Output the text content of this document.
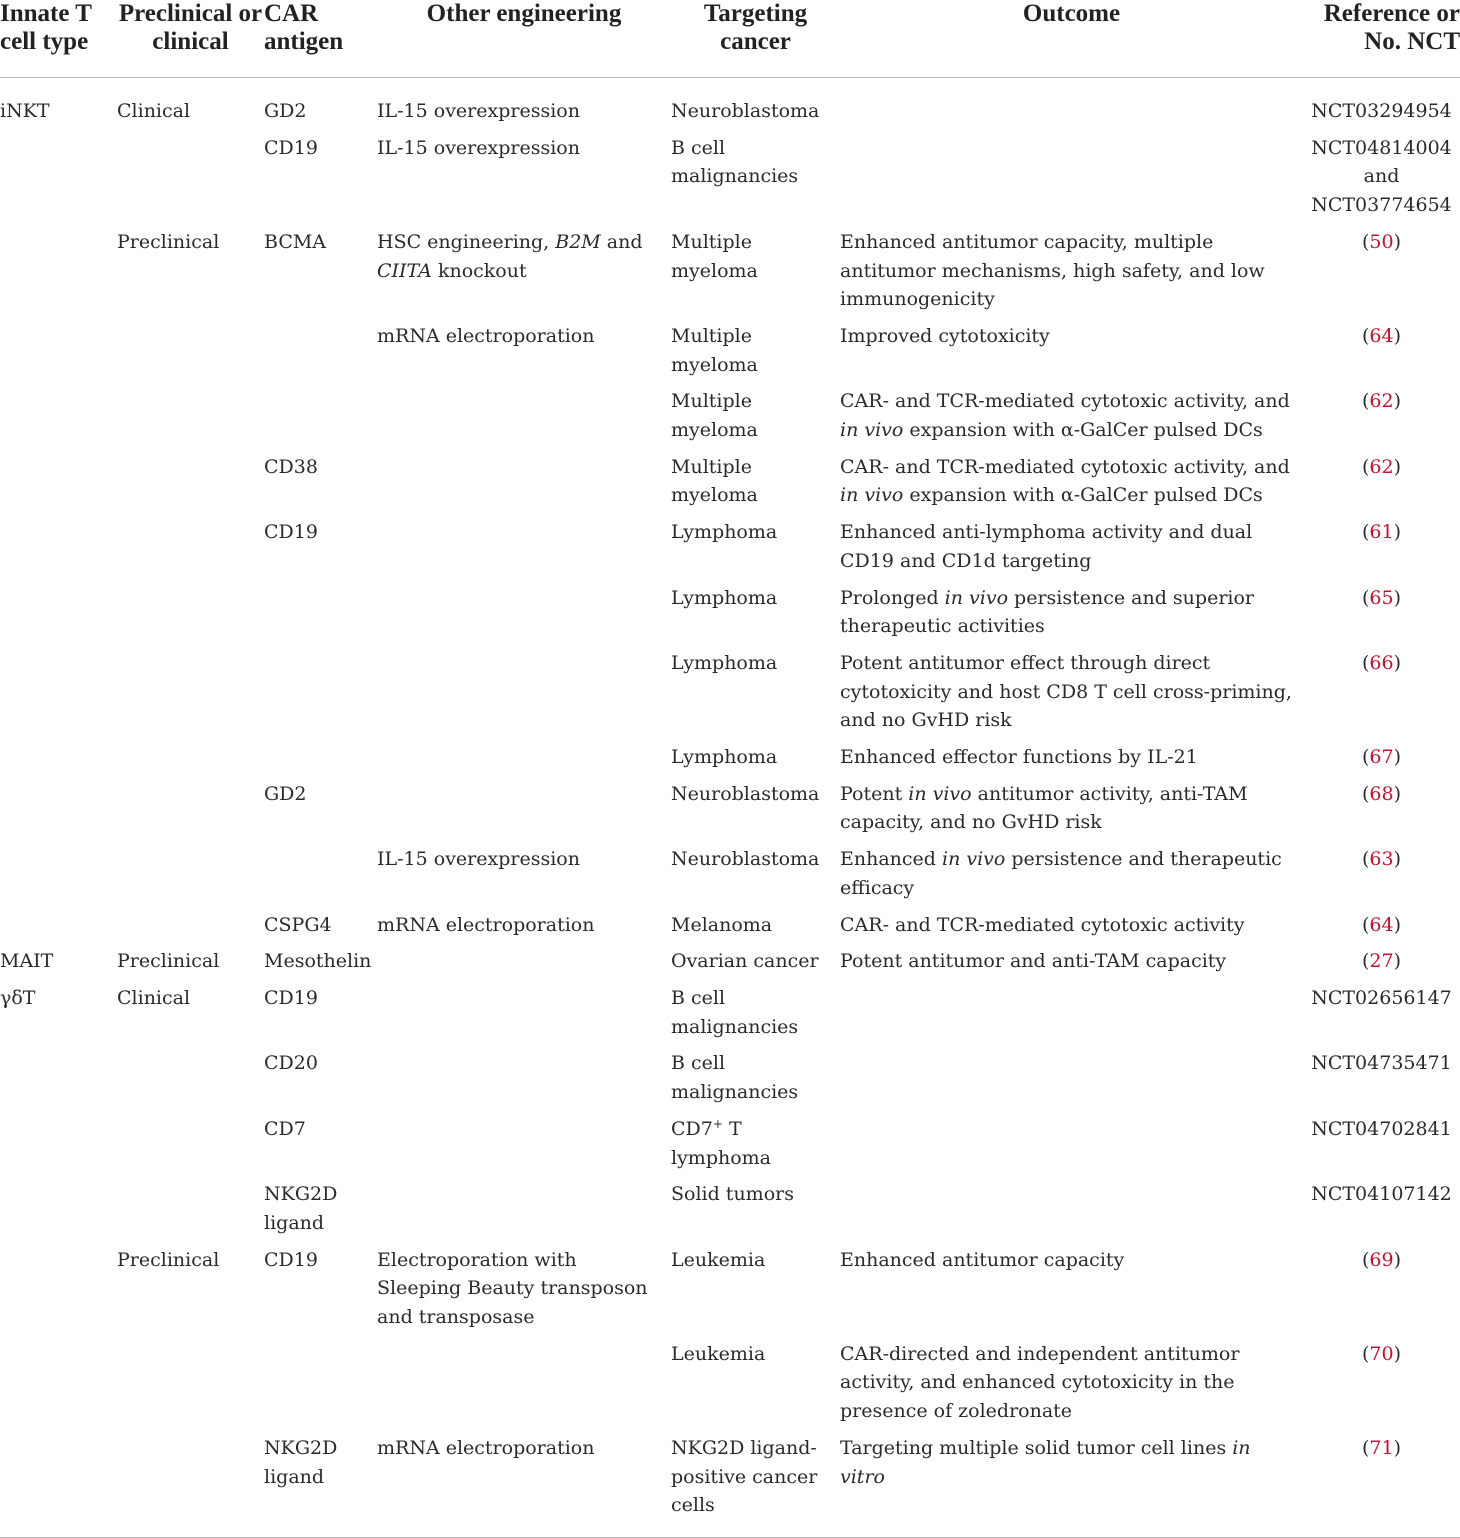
Innate T cell type	Preclinical or clinical	CAR antigen	Other engineering	Targeting cancer	Outcome	Reference or No. NCT
iNKT	Clinical	GD2	IL-15 overexpression	Neuroblastoma		NCT03294954
		CD19	IL-15 overexpression	B cell malignancies		NCT04814004 and NCT03774654
	Preclinical	BCMA	HSC engineering, B2M and CIITA knockout	Multiple myeloma	Enhanced antitumor capacity, multiple antitumor mechanisms, high safety, and low immunogenicity	(50)
			mRNA electroporation	Multiple myeloma	Improved cytotoxicity	(64)
				Multiple myeloma	CAR- and TCR-mediated cytotoxic activity, and in vivo expansion with α-GalCer pulsed DCs	(62)
		CD38		Multiple myeloma	CAR- and TCR-mediated cytotoxic activity, and in vivo expansion with α-GalCer pulsed DCs	(62)
		CD19		Lymphoma	Enhanced anti-lymphoma activity and dual CD19 and CD1d targeting	(61)
				Lymphoma	Prolonged in vivo persistence and superior therapeutic activities	(65)
				Lymphoma	Potent antitumor effect through direct cytotoxicity and host CD8 T cell cross-priming, and no GvHD risk	(66)
				Lymphoma	Enhanced effector functions by IL-21	(67)
		GD2		Neuroblastoma	Potent in vivo antitumor activity, anti-TAM capacity, and no GvHD risk	(68)
			IL-15 overexpression	Neuroblastoma	Enhanced in vivo persistence and therapeutic efficacy	(63)
		CSPG4	mRNA electroporation	Melanoma	CAR- and TCR-mediated cytotoxic activity	(64)
MAIT	Preclinical	Mesothelin		Ovarian cancer	Potent antitumor and anti-TAM capacity	(27)
γδT	Clinical	CD19		B cell malignancies		NCT02656147
		CD20		B cell malignancies		NCT04735471
		CD7		CD7+ T lymphoma		NCT04702841
		NKG2D ligand		Solid tumors		NCT04107142
	Preclinical	CD19	Electroporation with Sleeping Beauty transposon and transposase	Leukemia	Enhanced antitumor capacity	(69)
				Leukemia	CAR-directed and independent antitumor activity, and enhanced cytotoxicity in the presence of zoledronate	(70)
		NKG2D ligand	mRNA electroporation	NKG2D ligand-positive cancer cells	Targeting multiple solid tumor cell lines in vitro	(71)
